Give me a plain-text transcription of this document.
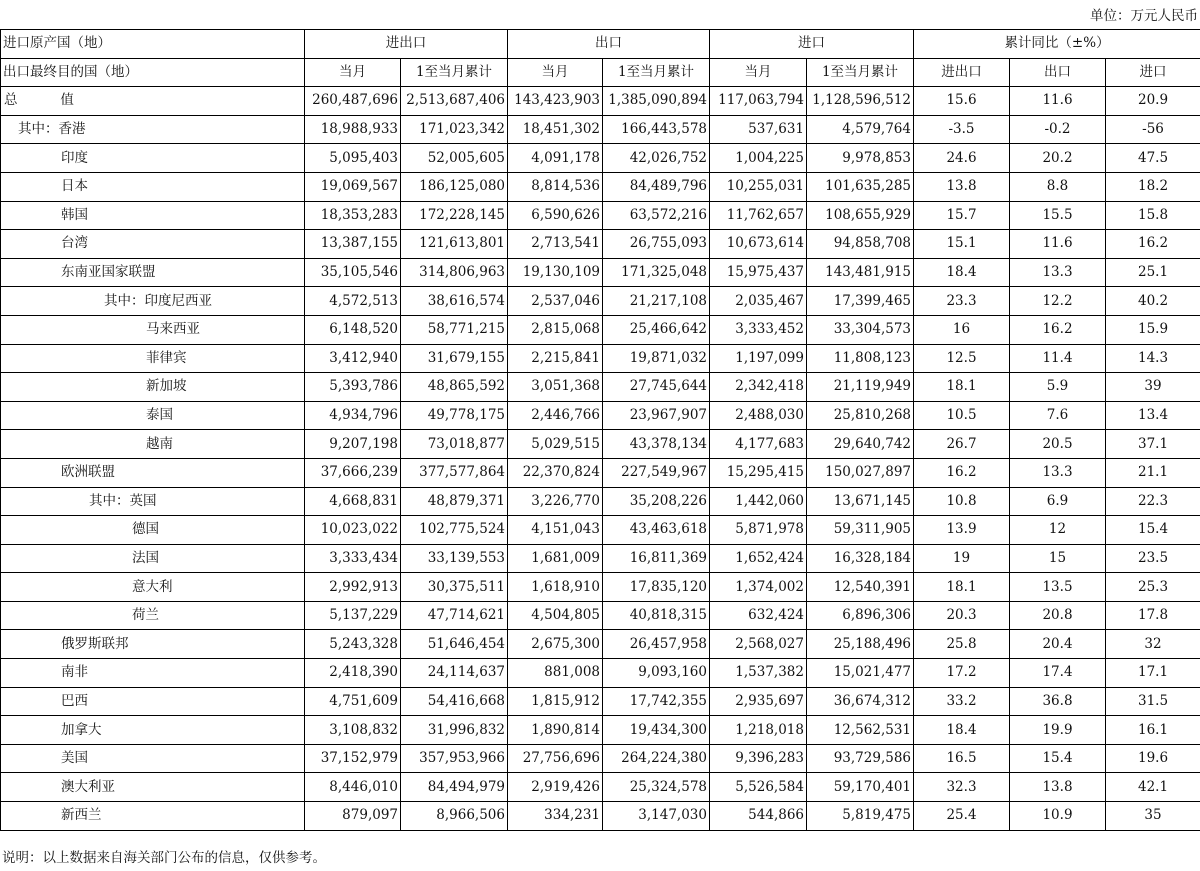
单位：万元人民币
进口原产国（地）	进出口		出口		进口		累计同比（±%）		
出口最终目的国（地）	当月	1至当月累计	当月	1至当月累计	当月	1至当月累计	进出口	出口	进口
总          值	260,487,696	2,513,687,406	143,423,903	1,385,090,894	117,063,794	1,128,596,512	15.6	11.6	20.9
其中：香港	18,988,933	171,023,342	18,451,302	166,443,578	537,631	4,579,764	-3.5	-0.2	-56
印度	5,095,403	52,005,605	4,091,178	42,026,752	1,004,225	9,978,853	24.6	20.2	47.5
日本	19,069,567	186,125,080	8,814,536	84,489,796	10,255,031	101,635,285	13.8	8.8	18.2
韩国	18,353,283	172,228,145	6,590,626	63,572,216	11,762,657	108,655,929	15.7	15.5	15.8
台湾	13,387,155	121,613,801	2,713,541	26,755,093	10,673,614	94,858,708	15.1	11.6	16.2
东南亚国家联盟	35,105,546	314,806,963	19,130,109	171,325,048	15,975,437	143,481,915	18.4	13.3	25.1
其中：印度尼西亚	4,572,513	38,616,574	2,537,046	21,217,108	2,035,467	17,399,465	23.3	12.2	40.2
马来西亚	6,148,520	58,771,215	2,815,068	25,466,642	3,333,452	33,304,573	16	16.2	15.9
菲律宾	3,412,940	31,679,155	2,215,841	19,871,032	1,197,099	11,808,123	12.5	11.4	14.3
新加坡	5,393,786	48,865,592	3,051,368	27,745,644	2,342,418	21,119,949	18.1	5.9	39
泰国	4,934,796	49,778,175	2,446,766	23,967,907	2,488,030	25,810,268	10.5	7.6	13.4
越南	9,207,198	73,018,877	5,029,515	43,378,134	4,177,683	29,640,742	26.7	20.5	37.1
欧洲联盟	37,666,239	377,577,864	22,370,824	227,549,967	15,295,415	150,027,897	16.2	13.3	21.1
其中：英国	4,668,831	48,879,371	3,226,770	35,208,226	1,442,060	13,671,145	10.8	6.9	22.3
德国	10,023,022	102,775,524	4,151,043	43,463,618	5,871,978	59,311,905	13.9	12	15.4
法国	3,333,434	33,139,553	1,681,009	16,811,369	1,652,424	16,328,184	19	15	23.5
意大利	2,992,913	30,375,511	1,618,910	17,835,120	1,374,002	12,540,391	18.1	13.5	25.3
荷兰	5,137,229	47,714,621	4,504,805	40,818,315	632,424	6,896,306	20.3	20.8	17.8
俄罗斯联邦	5,243,328	51,646,454	2,675,300	26,457,958	2,568,027	25,188,496	25.8	20.4	32
南非	2,418,390	24,114,637	881,008	9,093,160	1,537,382	15,021,477	17.2	17.4	17.1
巴西	4,751,609	54,416,668	1,815,912	17,742,355	2,935,697	36,674,312	33.2	36.8	31.5
加拿大	3,108,832	31,996,832	1,890,814	19,434,300	1,218,018	12,562,531	18.4	19.9	16.1
美国	37,152,979	357,953,966	27,756,696	264,224,380	9,396,283	93,729,586	16.5	15.4	19.6
澳大利亚	8,446,010	84,494,979	2,919,426	25,324,578	5,526,584	59,170,401	32.3	13.8	42.1
新西兰	879,097	8,966,506	334,231	3,147,030	544,866	5,819,475	25.4	10.9	35
说明：以上数据来自海关部门公布的信息，仅供参考。
